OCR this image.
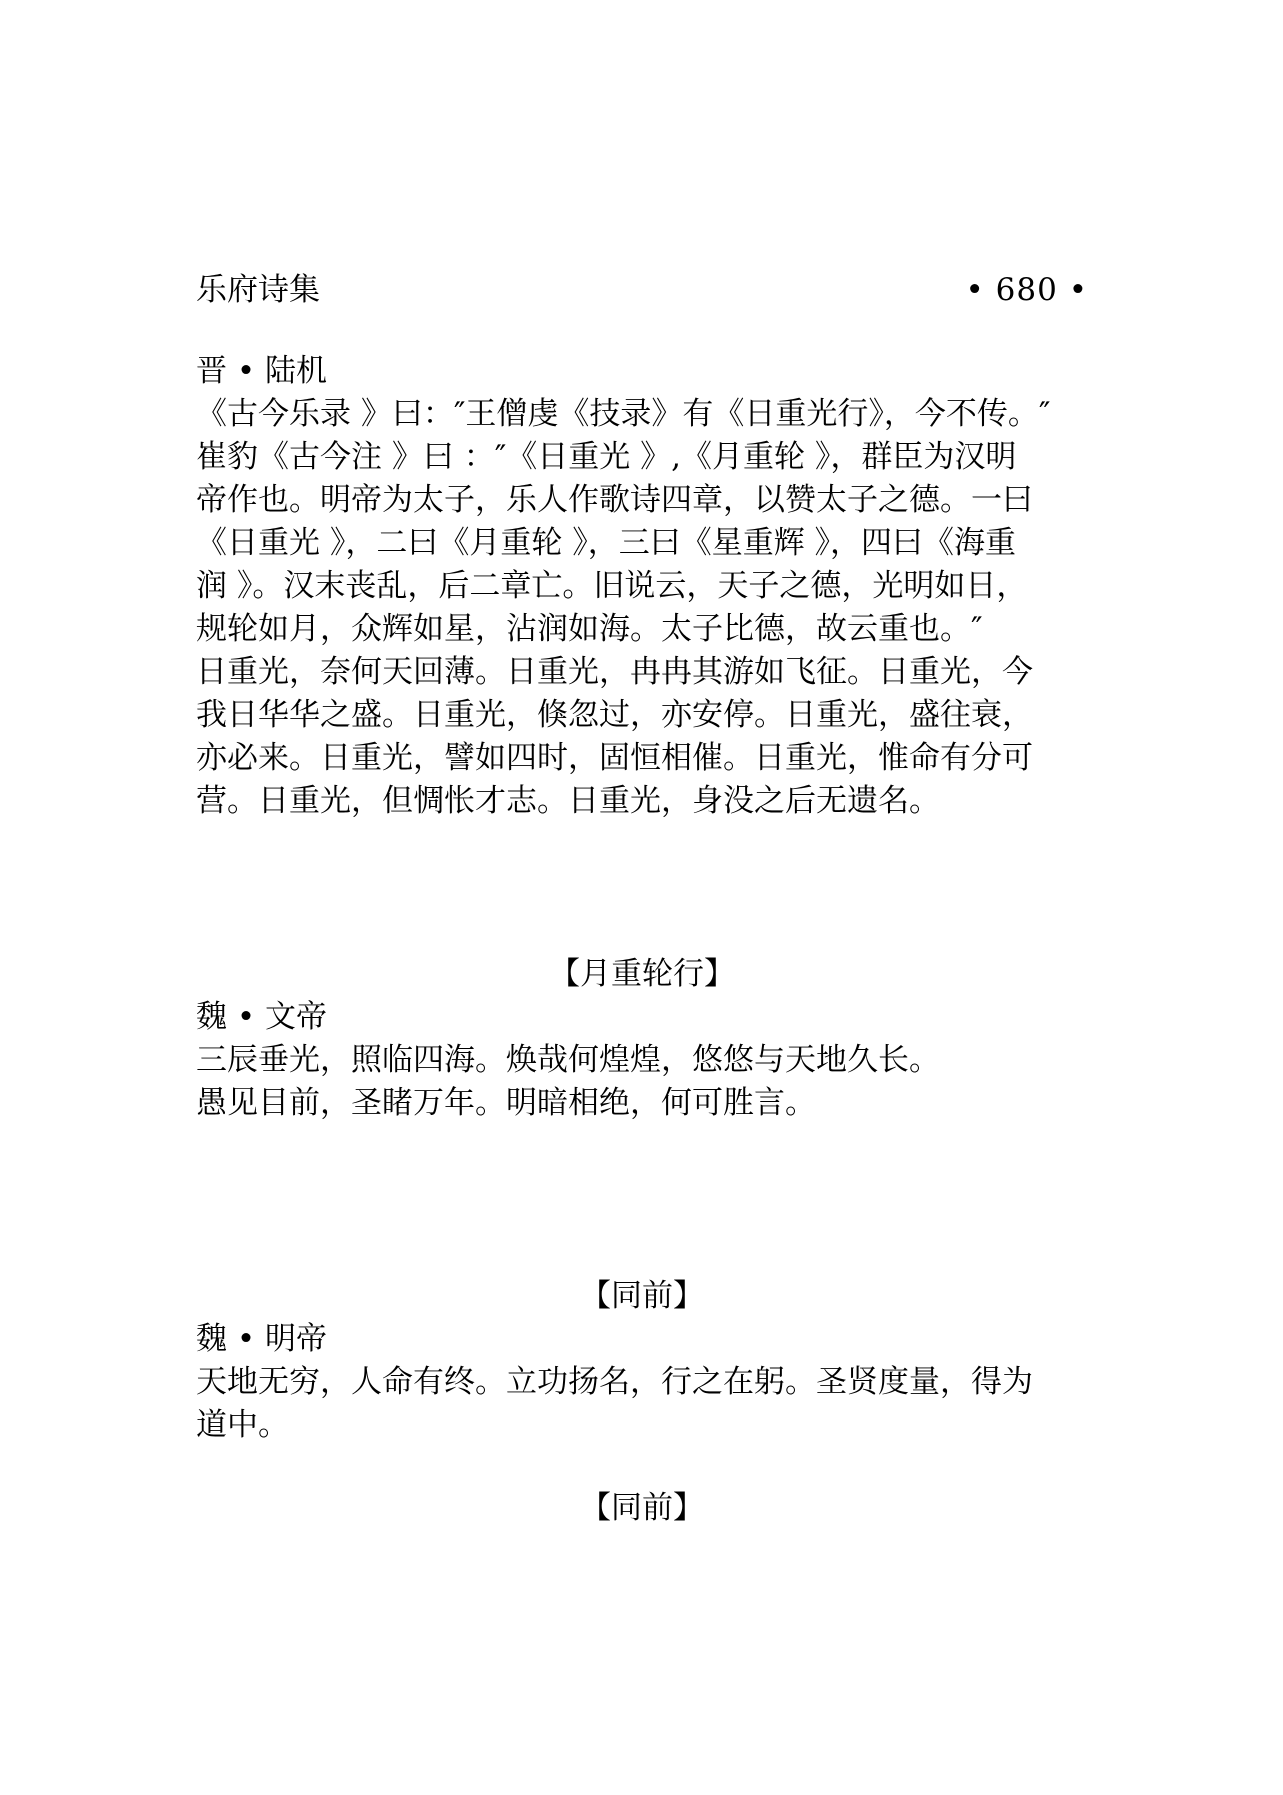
乐府诗集	• 680 •
晋 • 陆机
《古今乐录 》曰：″王僧虔《技录》有《日重光行》，今不传。″
崔豹《古今注 》曰 ：″《日重光 》,《月重轮 》，群臣为汉明
帝作也。明帝为太子，乐人作歌诗四章，以赞太子之德。一曰
《日重光 》，二曰《月重轮 》，三曰《星重辉 》，四曰《海重
润 》。汉末丧乱，后二章亡。旧说云，天子之德，光明如日，
规轮如月，众辉如星，沾润如海。太子比德，故云重也。″
日重光，奈何天回薄。日重光，冉冉其游如飞征。日重光，今
我日华华之盛。日重光，倏忽过，亦安停。日重光，盛往衰，
亦必来。日重光，譬如四时，固恒相催。日重光，惟命有分可
营。日重光，但惆怅才志。日重光，身没之后无遗名。
【月重轮行】
魏 • 文帝
三辰垂光，照临四海。焕哉何煌煌，悠悠与天地久长。
愚见目前，圣睹万年。明暗相绝，何可胜言。
【同前】
魏 • 明帝
天地无穷，人命有终。立功扬名，行之在躬。圣贤度量，得为
道中。
【同前】
